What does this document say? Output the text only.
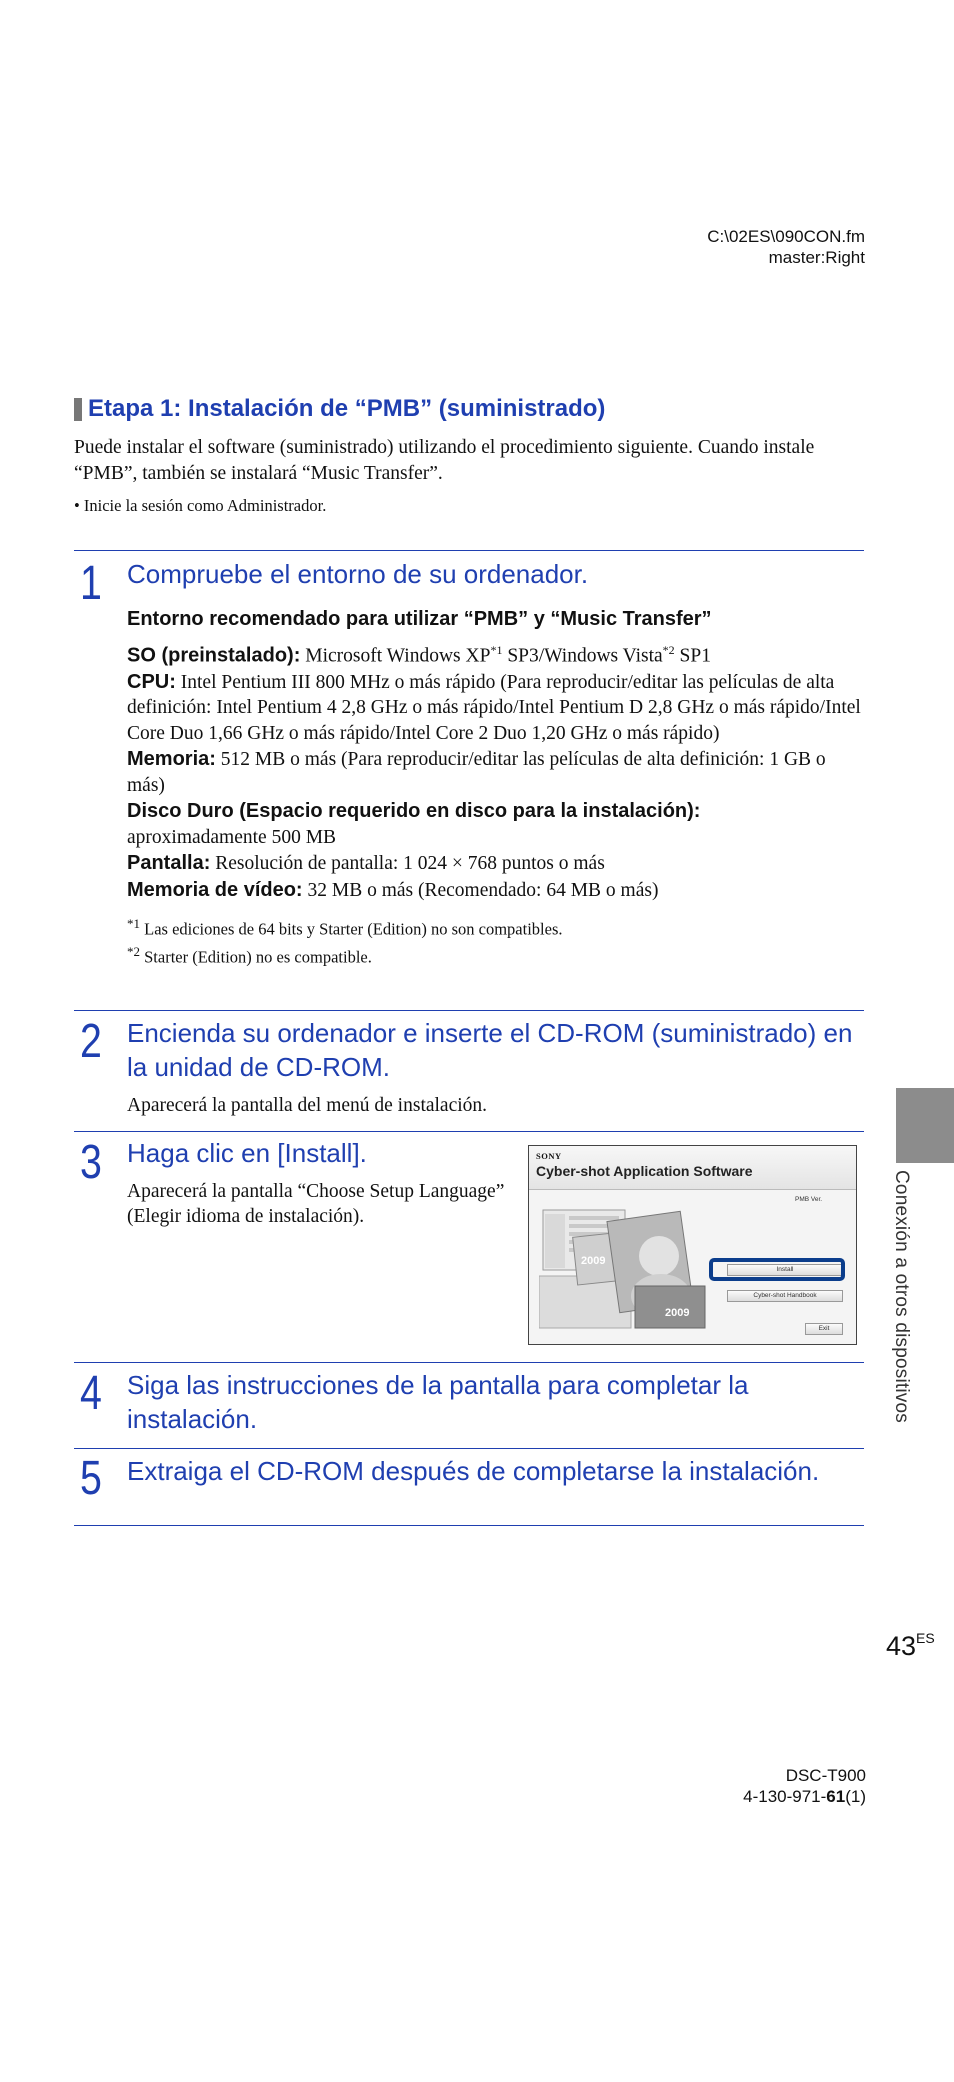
C:\02ES\090CON.fm
master:Right
Etapa 1: Instalación de “PMB” (suministrado)
Puede instalar el software (suministrado) utilizando el procedimiento siguiente. Cuando instale “PMB”, también se instalará “Music Transfer”.
• Inicie la sesión como Administrador.
1 Compruebe el entorno de su ordenador.
Entorno recomendado para utilizar “PMB” y “Music Transfer”
SO (preinstalado): Microsoft Windows XP$^{*1}$ SP3/Windows Vista$^{*2}$ SP1
CPU: Intel Pentium III 800 MHz o más rápido (Para reproducir/editar las películas de alta definición: Intel Pentium 4 2,8 GHz o más rápido/Intel Pentium D 2,8 GHz o más rápido/Intel Core Duo 1,66 GHz o más rápido/Intel Core 2 Duo 1,20 GHz o más rápido)
Memoria: 512 MB o más (Para reproducir/editar las películas de alta definición: 1 GB o más)
Disco Duro (Espacio requerido en disco para la instalación):
aproximadamente 500 MB
Pantalla: Resolución de pantalla: 1 024 × 768 puntos o más
Memoria de vídeo: 32 MB o más (Recomendado: 64 MB o más)
$^{*1}$ Las ediciones de 64 bits y Starter (Edition) no son compatibles.
$^{*2}$ Starter (Edition) no es compatible.
2 Encienda su ordenador e inserte el CD-ROM (suministrado) en la unidad de CD-ROM.
Aparecerá la pantalla del menú de instalación.
3 Haga clic en [Install].
Aparecerá la pantalla “Choose Setup Language” (Elegir idioma de instalación).
SONY
Cyber-shot Application Software
PMB Ver.
2009
2009
Install
Cyber-shot Handbook
Exit
4 Siga las instrucciones de la pantalla para completar la instalación.
5 Extraiga el CD-ROM después de completarse la instalación.
Conexión a otros dispositivos
$43^{ES}$
DSC-T900
4-130-971-61(1)
